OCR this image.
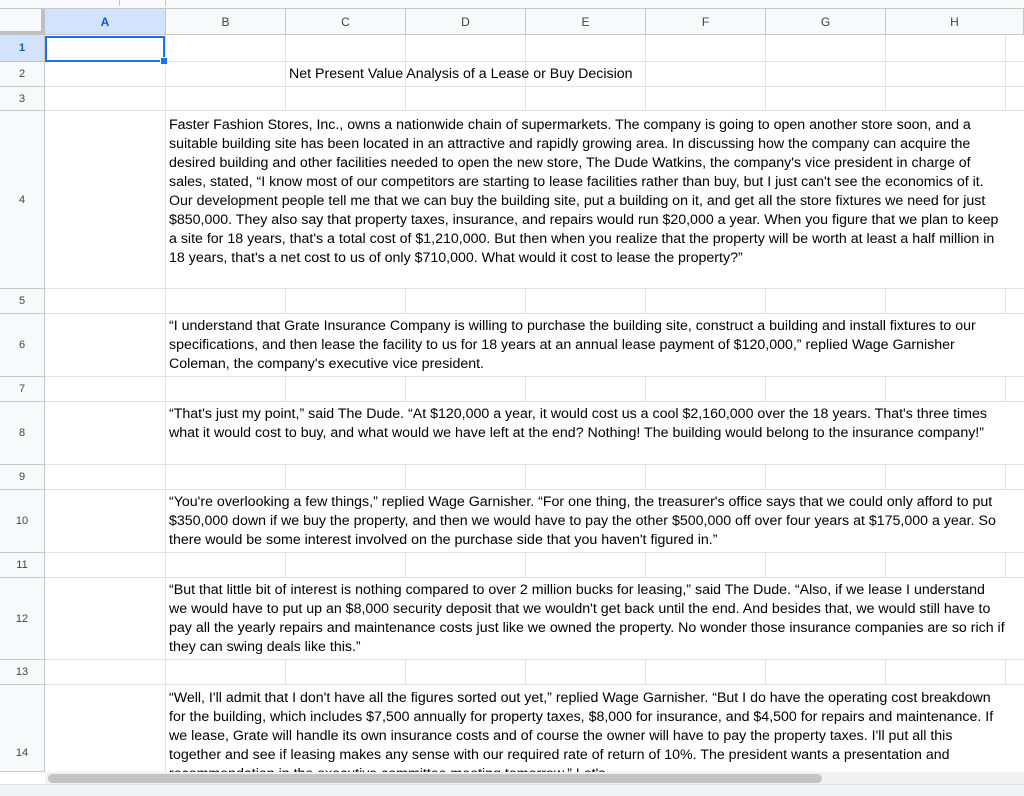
A	B	C	D	E	F	G	H
1
2
3
4
5
6
7
8
9
10
11
12
13
14
Net Present Value Analysis of a Lease or Buy Decision
Faster Fashion Stores, Inc., owns a nationwide chain of supermarkets. The company is going to open another store soon, and a suitable building site has been located in an attractive and rapidly growing area. In discussing how the company can acquire the desired building and other facilities needed to open the new store, The Dude Watkins, the company's vice president in charge of sales, stated, “I know most of our competitors are starting to lease facilities rather than buy, but I just can't see the economics of it. Our development people tell me that we can buy the building site, put a building on it, and get all the store fixtures we need for just $850,000. They also say that property taxes, insurance, and repairs would run $20,000 a year. When you figure that we plan to keep a site for 18 years, that's a total cost of $1,210,000. But then when you realize that the property will be worth at least a half million in 18 years, that's a net cost to us of only $710,000. What would it cost to lease the property?”
“I understand that Grate Insurance Company is willing to purchase the building site, construct a building and install fixtures to our specifications, and then lease the facility to us for 18 years at an annual lease payment of $120,000,” replied Wage Garnisher Coleman, the company's executive vice president.
“That's just my point,” said The Dude. “At $120,000 a year, it would cost us a cool $2,160,000 over the 18 years. That's three times what it would cost to buy, and what would we have left at the end? Nothing! The building would belong to the insurance company!”
“You're overlooking a few things,” replied Wage Garnisher. “For one thing, the treasurer's office says that we could only afford to put $350,000 down if we buy the property, and then we would have to pay the other $500,000 off over four years at $175,000 a year. So there would be some interest involved on the purchase side that you haven't figured in.”
“But that little bit of interest is nothing compared to over 2 million bucks for leasing,” said The Dude. “Also, if we lease I understand we would have to put up an $8,000 security deposit that we wouldn't get back until the end. And besides that, we would still have to pay all the yearly repairs and maintenance costs just like we owned the property. No wonder those insurance companies are so rich if they can swing deals like this.”
“Well, I'll admit that I don't have all the figures sorted out yet,” replied Wage Garnisher. “But I do have the operating cost breakdown for the building, which includes $7,500 annually for property taxes, $8,000 for insurance, and $4,500 for repairs and maintenance. If we lease, Grate will handle its own insurance costs and of course the owner will have to pay the property taxes. I'll put all this together and see if leasing makes any sense with our required rate of return of 10%. The president wants a presentation and
